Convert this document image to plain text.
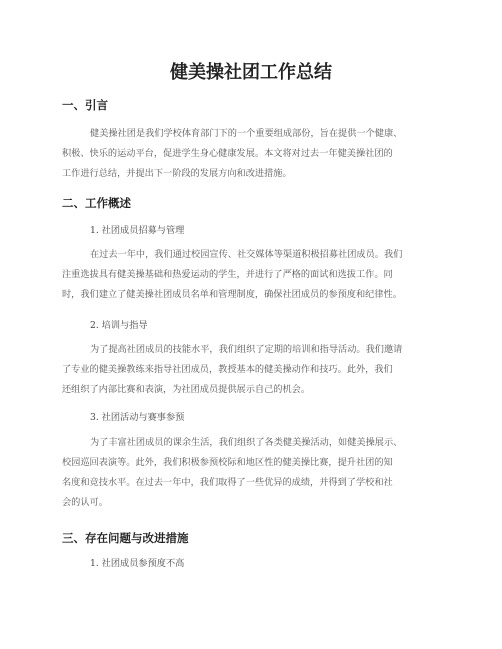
健美操社团工作总结
一、引言

健美操社团是我们学校体育部门下的一个重要组成部份，旨在提供一个健康、
积极、快乐的运动平台，促进学生身心健康发展。本文将对过去一年健美操社团的
工作进行总结，并提出下一阶段的发展方向和改进措施。

二、工作概述

1. 社团成员招募与管理

在过去一年中，我们通过校园宣传、社交媒体等渠道积极招募社团成员。我们
注重选拔具有健美操基础和热爱运动的学生，并进行了严格的面试和选拔工作。同
时，我们建立了健美操社团成员名单和管理制度，确保社团成员的参预度和纪律性。

2. 培训与指导

为了提高社团成员的技能水平，我们组织了定期的培训和指导活动。我们邀请
了专业的健美操教练来指导社团成员，教授基本的健美操动作和技巧。此外，我们
还组织了内部比赛和表演，为社团成员提供展示自己的机会。

3. 社团活动与赛事参预

为了丰富社团成员的课余生活，我们组织了各类健美操活动，如健美操展示、
校园巡回表演等。此外，我们积极参预校际和地区性的健美操比赛，提升社团的知
名度和竞技水平。在过去一年中，我们取得了一些优异的成绩，并得到了学校和社
会的认可。

三、存在问题与改进措施

1. 社团成员参预度不高
